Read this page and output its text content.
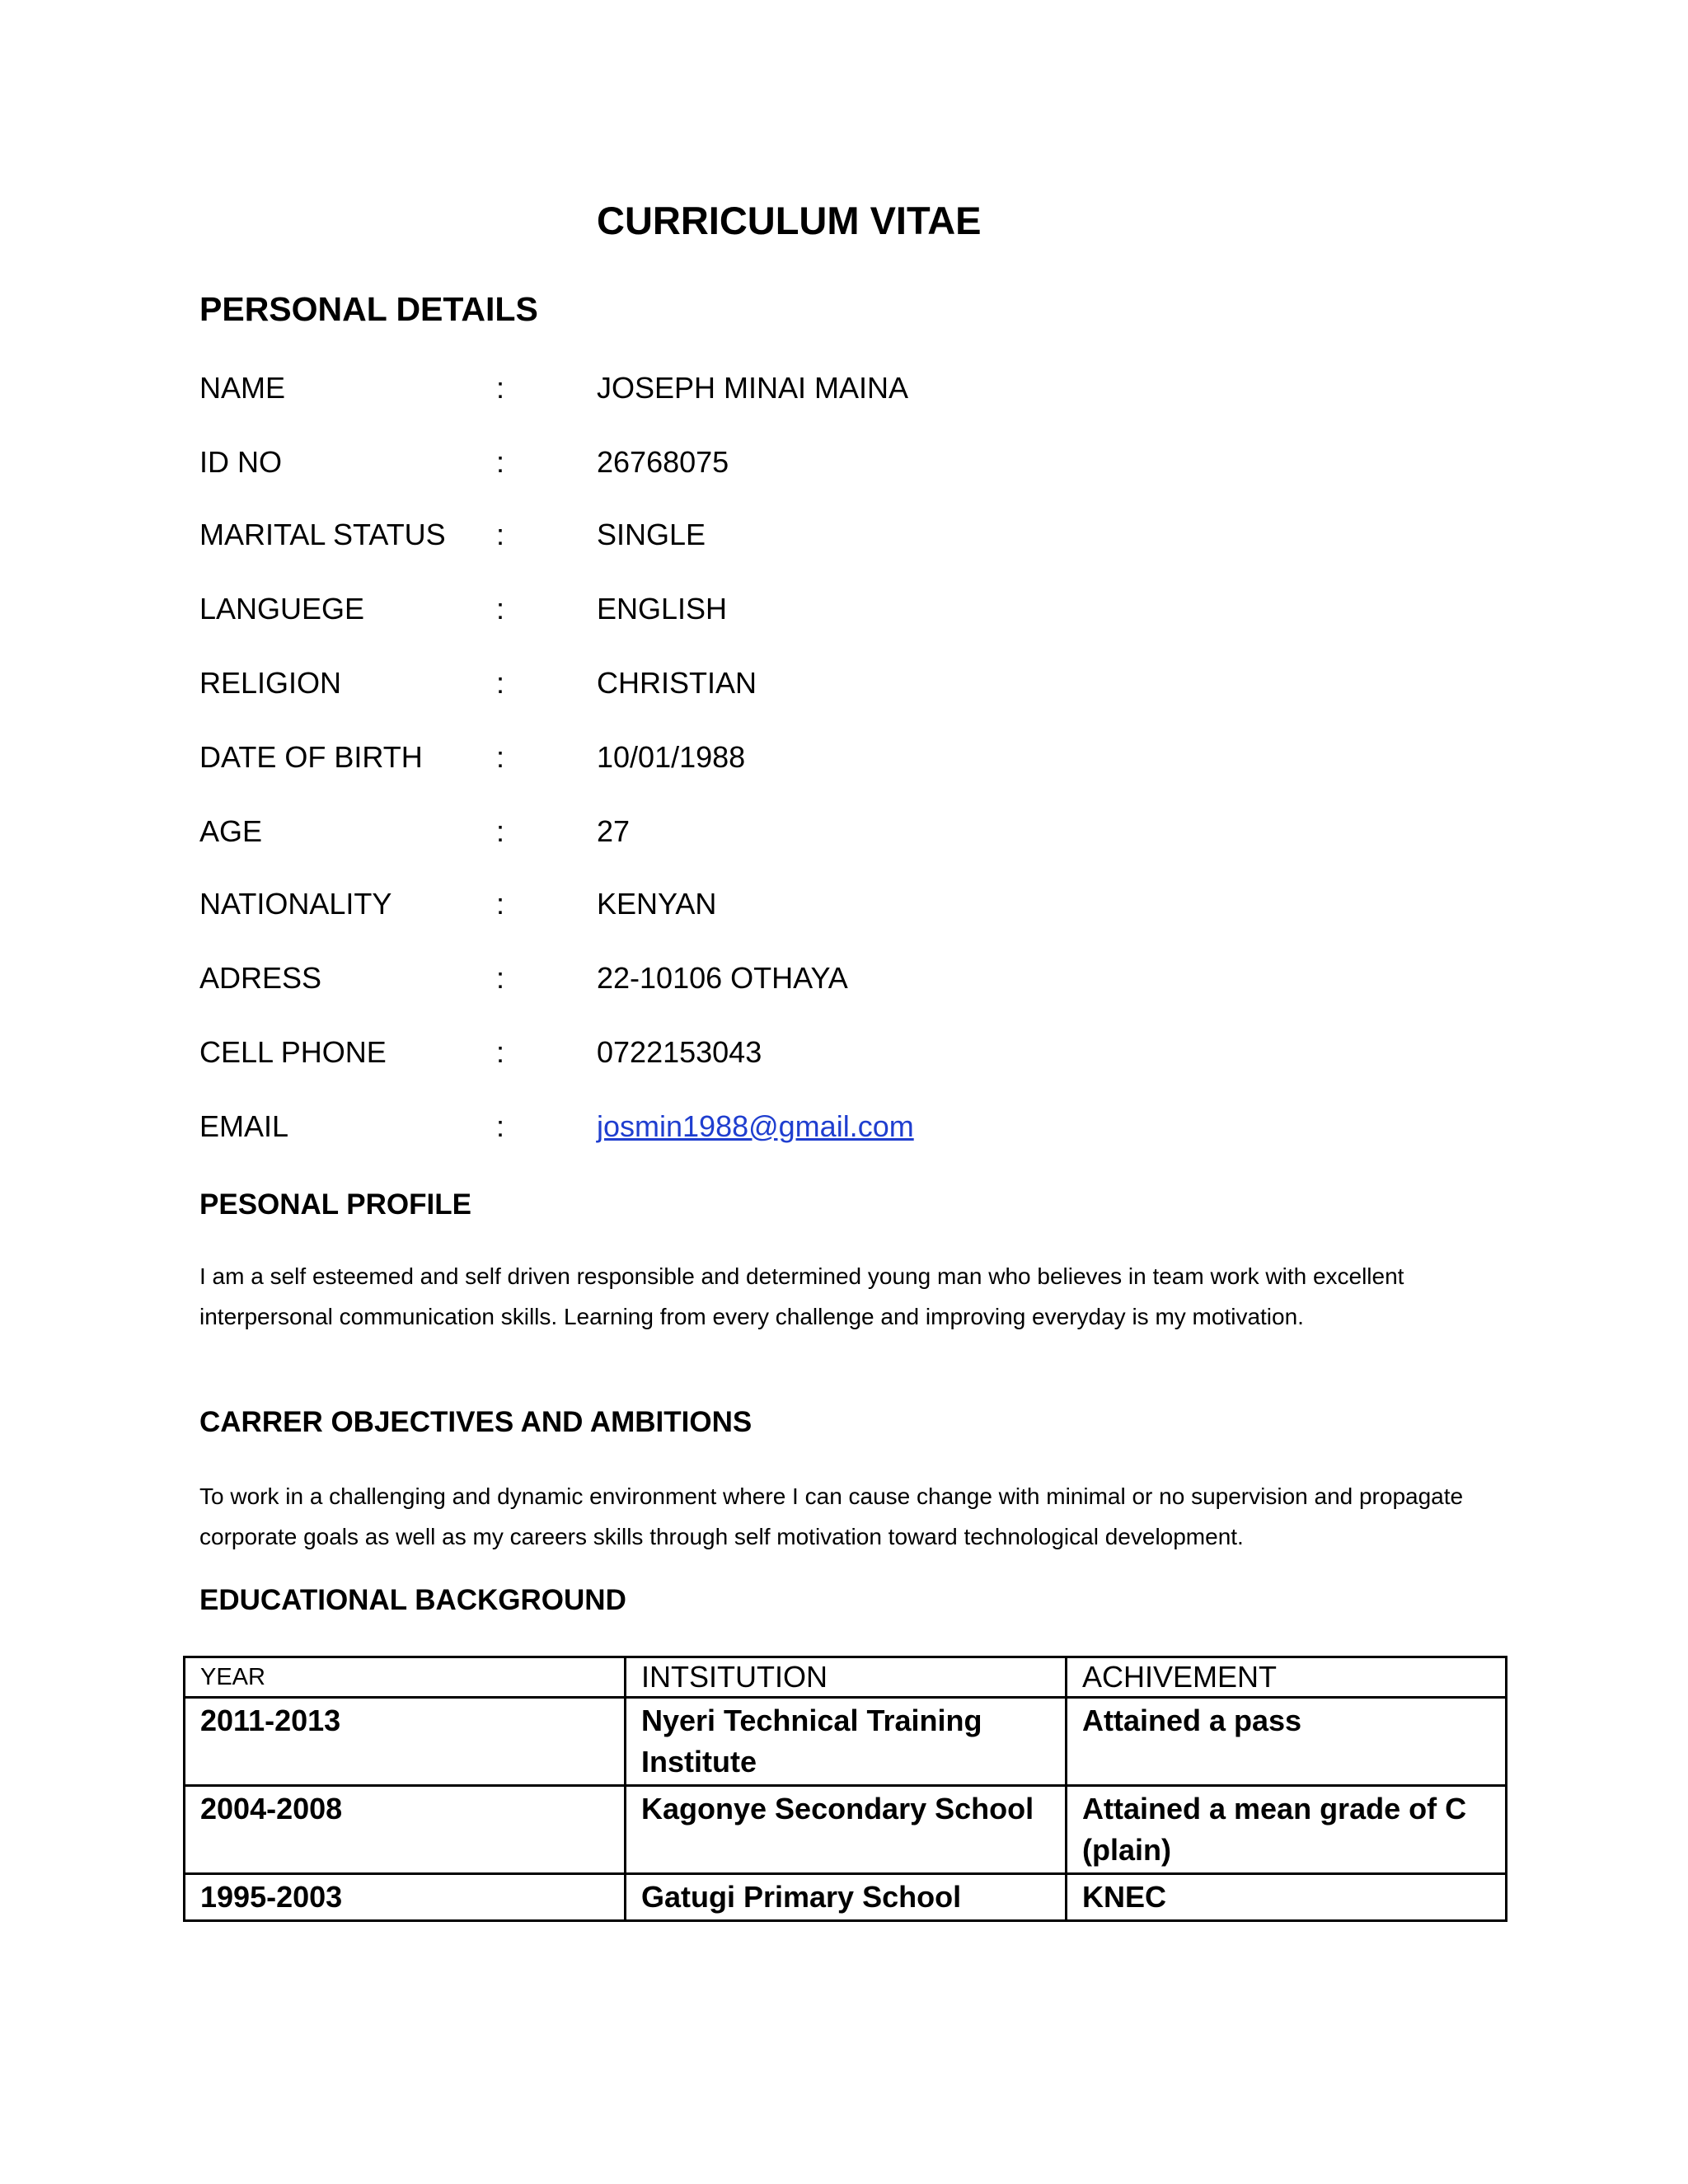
CURRICULUM VITAE
PERSONAL DETAILS
NAME	:	JOSEPH MINAI MAINA
ID NO	:	26768075
MARITAL STATUS :	SINGLE
LANGUEGE	:	ENGLISH
RELIGION	:	CHRISTIAN
DATE OF BIRTH :	10/01/1988
AGE	:	27
NATIONALITY	:	KENYAN
ADRESS	:	22-10106 OTHAYA
CELL PHONE	:	0722153043
EMAIL	:	josmin1988@gmail.com
PESONAL PROFILE

I am a self esteemed and self driven responsible and determined young man who believes in team work with excellent interpersonal communication skills. Learning from every challenge and improving everyday is my motivation.

CARRER OBJECTIVES AND AMBITIONS

To work in a challenging and dynamic environment where I can cause change with minimal or no supervision and propagate corporate goals as well as my careers skills through self motivation toward technological development.

EDUCATIONAL BACKGROUND
YEAR	INTSITUTION	ACHIVEMENT
2011-2013	Nyeri Technical Training Institute	Attained a pass
2004-2008	Kagonye Secondary School	Attained a mean grade of C (plain)
1995-2003	Gatugi Primary School	KNEC
